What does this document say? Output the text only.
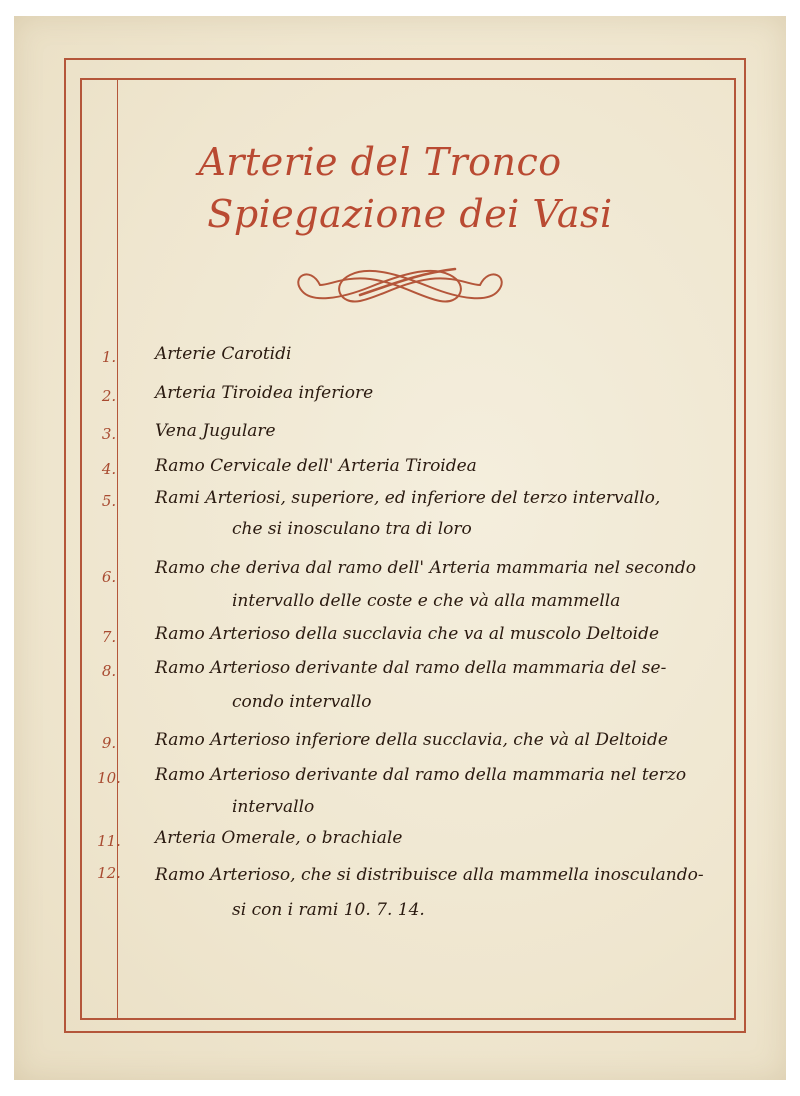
Arterie del Tronco
Spiegazione dei Vasi
1.	Arterie Carotidi
2.	Arteria Tiroidea inferiore
3.	Vena Jugulare
4.	Ramo Cervicale dell' Arteria Tiroidea
5.	Rami Arteriosi, superiore, ed inferiore del terzo intervallo,
che si inosculano tra di loro
6.	Ramo che deriva dal ramo dell' Arteria mammaria nel secondo
intervallo delle coste e che và alla mammella
7.	Ramo Arterioso della succlavia che va al muscolo Deltoide
8.	Ramo Arterioso derivante dal ramo della mammaria del se-
condo intervallo
9.	Ramo Arterioso inferiore della succlavia, che và al Deltoide
10. Ramo Arterioso derivante dal ramo della mammaria nel terzo
intervallo
11. Arteria Omerale, o brachiale
12. Ramo Arterioso, che si distribuisce alla mammella inosculando-
si con i rami 10. 7. 14.
